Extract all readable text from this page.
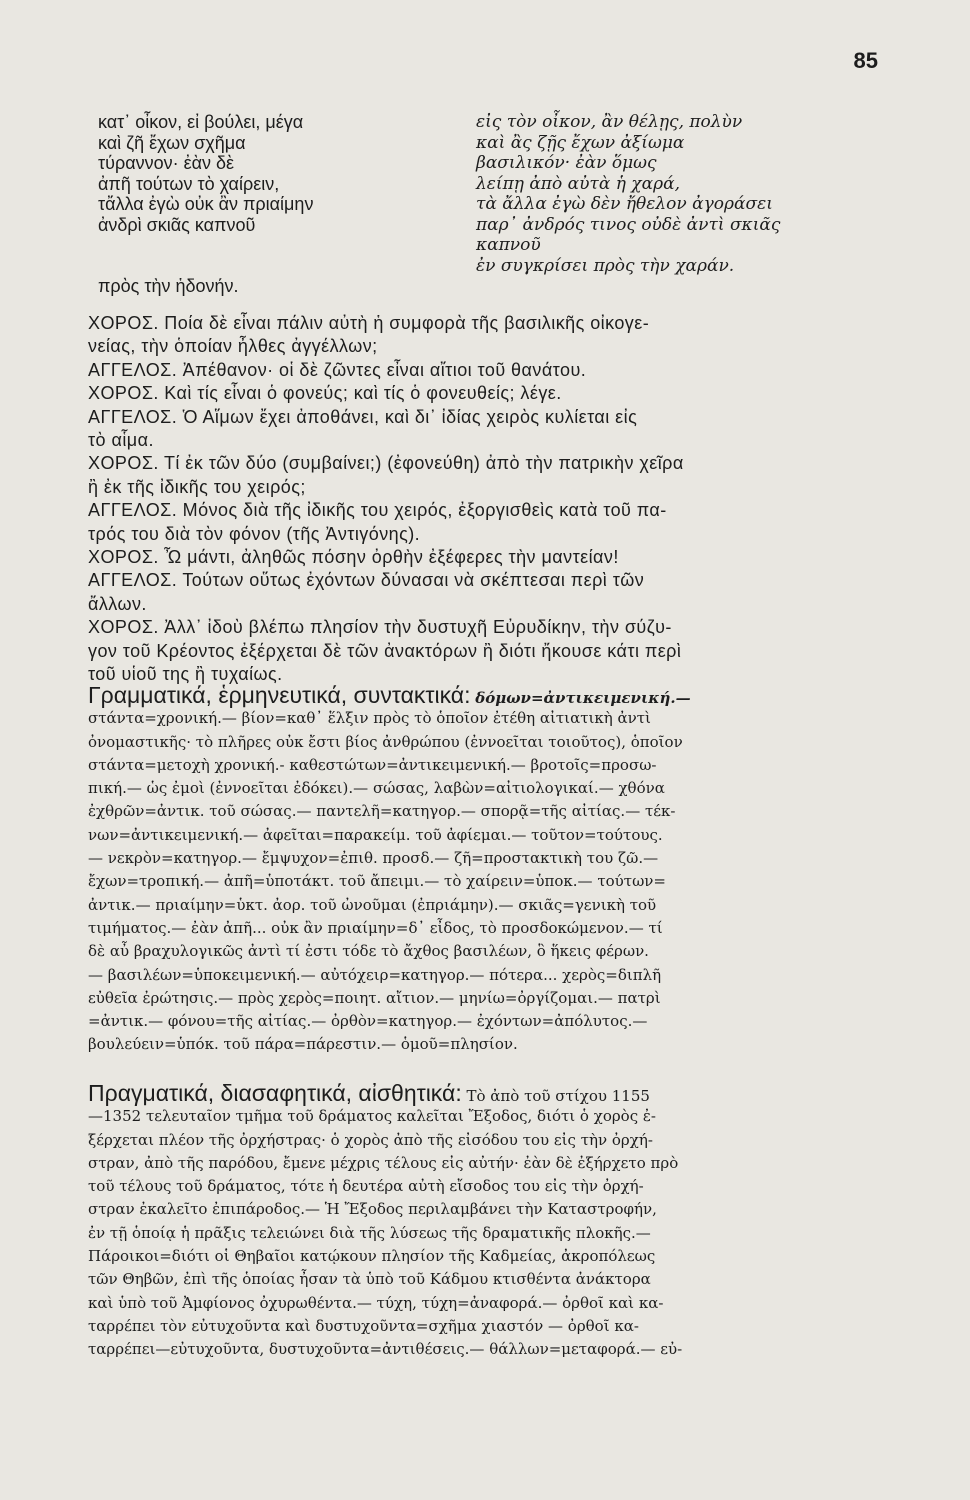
85
κατ᾽ οἶκον, εἰ βούλει, μέγα
καὶ ζῆ ἔχων σχῆμα
τύραννον· ἐὰν δὲ
ἀπῆ τούτων τὸ χαίρειν,
τἄλλα ἐγὼ οὐκ ἂν πριαίμην
ἀνδρὶ σκιᾶς καπνοῦ
πρὸς τὴν ἡδονήν.
εἰς τὸν οἶκον, ἂν θέλῃς, πολὺν
καὶ ἂς ζῇς ἔχων ἀξίωμα
βασιλικόν· ἐὰν ὅμως
λείπῃ ἀπὸ αὐτὰ ἡ χαρά,
τὰ ἄλλα ἐγὼ δὲν ἤθελον ἀγοράσει
παρ᾽ ἀνδρός τινος οὐδὲ ἀντὶ σκιᾶς
καπνοῦ
ἐν συγκρίσει πρὸς τὴν χαράν.
ΧΟΡΟΣ. Ποία δὲ εἶναι πάλιν αὐτὴ ἡ συμφορὰ τῆς βασιλικῆς οἰκογε-
νείας, τὴν ὁποίαν ἦλθες ἀγγέλλων;
ΑΓΓΕΛΟΣ. Ἀπέθανον· οἱ δὲ ζῶντες εἶναι αἴτιοι τοῦ θανάτου.
ΧΟΡΟΣ. Καὶ τίς εἶναι ὁ φονεύς; καὶ τίς ὁ φονευθείς; λέγε.
ΑΓΓΕΛΟΣ. Ὁ Αἵμων ἔχει ἀποθάνει, καὶ δι᾽ ἰδίας χειρὸς κυλίεται εἰς
τὸ αἷμα.
ΧΟΡΟΣ. Τί ἐκ τῶν δύο (συμβαίνει;) (ἐφονεύθη) ἀπὸ τὴν πατρικὴν χεῖρα
ἢ ἐκ τῆς ἰδικῆς του χειρός;
ΑΓΓΕΛΟΣ. Μόνος διὰ τῆς ἰδικῆς του χειρός, ἐξοργισθεὶς κατὰ τοῦ πα-
τρός του διὰ τὸν φόνον (τῆς Ἀντιγόνης).
ΧΟΡΟΣ. Ὦ μάντι, ἀληθῶς πόσην ὀρθὴν ἐξέφερες τὴν μαντείαν!
ΑΓΓΕΛΟΣ. Τούτων οὕτως ἐχόντων δύνασαι νὰ σκέπτεσαι περὶ τῶν
ἄλλων.
ΧΟΡΟΣ. Ἀλλ᾽ ἰδοὺ βλέπω πλησίον τὴν δυστυχῆ Εὐρυδίκην, τὴν σύζυ-
γον τοῦ Κρέοντος ἐξέρχεται δὲ τῶν ἀνακτόρων ἢ διότι ἤκουσε κάτι περὶ
τοῦ υἱοῦ της ἢ τυχαίως.
Γραμματικά, ἑρμηνευτικά, συντακτικά: δόμων=ἀντικειμενική.—
στάντα=χρονική.— βίον=καθ᾽ ἕλξιν πρὸς τὸ ὁποῖον ἐτέθη αἰτιατικὴ ἀντὶ
ὀνομαστικῆς· τὸ πλῆρες οὐκ ἔστι βίος ἀνθρώπου (ἐννοεῖται τοιοῦτος), ὁποῖον
στάντα=μετοχὴ χρονική.- καθεστώτων=ἀντικειμενική.— βροτοῖς=προσω-
πική.— ὡς ἐμοὶ (ἐννοεῖται ἐδόκει).— σώσας, λαβὼν=αἰτιολογικαί.— χθόνα
ἐχθρῶν=ἀντικ. τοῦ σώσας.— παντελῆ=κατηγορ.— σπορᾷ=τῆς αἰτίας.— τέκ-
νων=ἀντικειμενική.— ἀφεῖται=παρακείμ. τοῦ ἀφίεμαι.— τοῦτον=τούτους.
— νεκρὸν=κατηγορ.— ἔμψυχον=ἐπιθ. προσδ.— ζῆ=προστακτικὴ του ζῶ.—
ἔχων=τροπική.— ἀπῆ=ὑποτάκτ. τοῦ ἄπειμι.— τὸ χαίρειν=ὑποκ.— τούτων=
ἀντικ.— πριαίμην=ὑκτ. ἀορ. τοῦ ὠνοῦμαι (ἐπριάμην).— σκιᾶς=γενικὴ τοῦ
τιμήματος.— ἐὰν ἀπῆ... οὐκ ἂν πριαίμην=δ᾽ εἶδος, τὸ προσδοκώμενον.— τί
δὲ αὖ βραχυλογικῶς ἀντὶ τί ἐστι τόδε τὸ ἄχθος βασιλέων, ὃ ἥκεις φέρων.
— βασιλέων=ὑποκειμενική.— αὐτόχειρ=κατηγορ.— πότερα... χερὸς=διπλῆ
εὐθεῖα ἐρώτησις.— πρὸς χερὸς=ποιητ. αἴτιον.— μηνίω=ὀργίζομαι.— πατρὶ
=ἀντικ.— φόνου=τῆς αἰτίας.— ὀρθὸν=κατηγορ.— ἐχόντων=ἀπόλυτος.—
βουλεύειν=ὑπόκ. τοῦ πάρα=πάρεστιν.— ὁμοῦ=πλησίον.
Πραγματικά, διασαφητικά, αἰσθητικά: Τὸ ἀπὸ τοῦ στίχου 1155
—1352 τελευταῖον τμῆμα τοῦ δράματος καλεῖται Ἔξοδος, διότι ὁ χορὸς ἐ-
ξέρχεται πλέον τῆς ὀρχήστρας· ὁ χορὸς ἀπὸ τῆς εἰσόδου του εἰς τὴν ὀρχή-
στραν, ἀπὸ τῆς παρόδου, ἔμενε μέχρις τέλους εἰς αὐτήν· ἐὰν δὲ ἐξήρχετο πρὸ
τοῦ τέλους τοῦ δράματος, τότε ἡ δευτέρα αὐτὴ εἴσοδος του εἰς τὴν ὀρχή-
στραν ἐκαλεῖτο ἐπιπάροδος.— Ἡ Ἔξοδος περιλαμβάνει τὴν Καταστροφήν,
ἐν τῇ ὁποίᾳ ἡ πρᾶξις τελειώνει διὰ τῆς λύσεως τῆς δραματικῆς πλοκῆς.—
Πάροικοι=διότι οἱ Θηβαῖοι κατῴκουν πλησίον τῆς Καδμείας, ἀκροπόλεως
τῶν Θηβῶν, ἐπὶ τῆς ὁποίας ἦσαν τὰ ὑπὸ τοῦ Κάδμου κτισθέντα ἀνάκτορα
καὶ ὑπὸ τοῦ Ἀμφίονος ὀχυρωθέντα.— τύχη, τύχη=ἀναφορά.— ὀρθοῖ καὶ κα-
ταρρέπει τὸν εὐτυχοῦντα καὶ δυστυχοῦντα=σχῆμα χιαστόν — ὀρθοῖ κα-
ταρρέπει—εὐτυχοῦντα, δυστυχοῦντα=ἀντιθέσεις.— θάλλων=μεταφορά.— εὐ-
